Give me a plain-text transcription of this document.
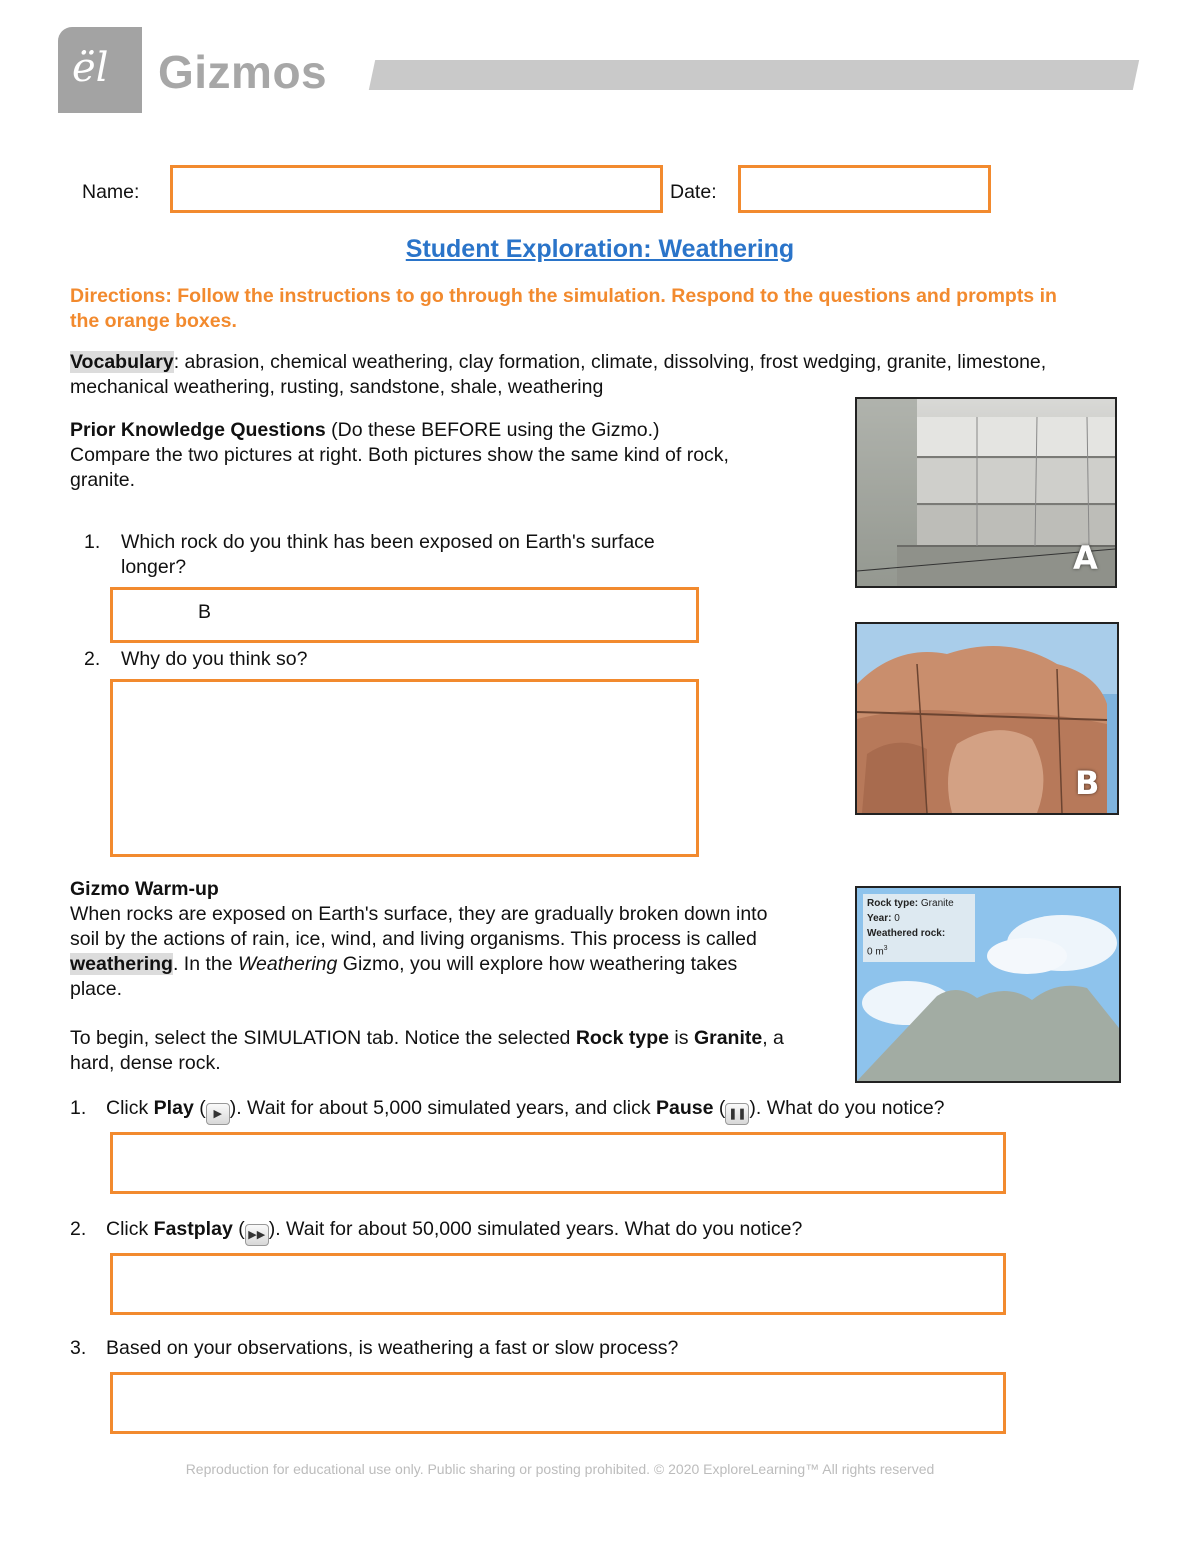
ël Gizmos
Name:	Date:
Student Exploration: Weathering
Directions: Follow the instructions to go through the simulation. Respond to the questions and prompts in the orange boxes.
Vocabulary: abrasion, chemical weathering, clay formation, climate, dissolving, frost wedging, granite, limestone, mechanical weathering, rusting, sandstone, shale, weathering
Prior Knowledge Questions (Do these BEFORE using the Gizmo.)
Compare the two pictures at right. Both pictures show the same kind of rock, granite.
1. Which rock do you think has been exposed on Earth's surface longer?
B
2. Why do you think so?
A
B
Gizmo Warm-up
When rocks are exposed on Earth's surface, they are gradually broken down into soil by the actions of rain, ice, wind, and living organisms. This process is called weathering. In the Weathering Gizmo, you will explore how weathering takes place.
To begin, select the SIMULATION tab. Notice the selected Rock type is Granite, a hard, dense rock.
Rock type: Granite
Year: 0
Weathered rock:
0 $m^3$
1. Click Play ( ▶ ). Wait for about 5,000 simulated years, and click Pause ( ❚❚ ). What do you notice?
2. Click Fastplay ( ▶▶ ). Wait for about 50,000 simulated years. What do you notice?
3. Based on your observations, is weathering a fast or slow process?
Reproduction for educational use only. Public sharing or posting prohibited. © 2020 ExploreLearning™ All rights reserved
